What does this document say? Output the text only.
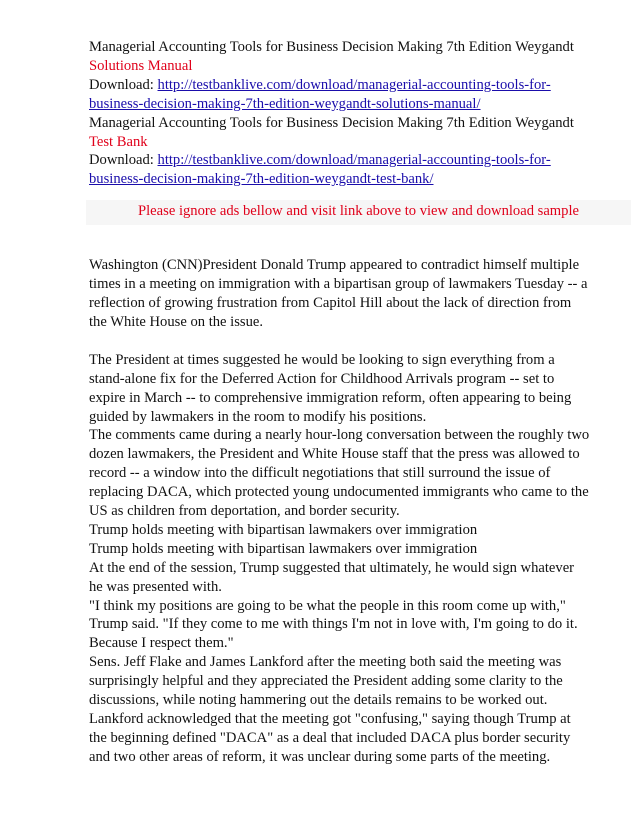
Managerial Accounting Tools for Business Decision Making 7th Edition Weygandt
Solutions Manual
Download: http://testbanklive.com/download/managerial-accounting-tools-for-
business-decision-making-7th-edition-weygandt-solutions-manual/
Managerial Accounting Tools for Business Decision Making 7th Edition Weygandt
Test Bank
Download: http://testbanklive.com/download/managerial-accounting-tools-for-
business-decision-making-7th-edition-weygandt-test-bank/
Please ignore ads bellow and visit link above to view and download sample
Washington (CNN)President Donald Trump appeared to contradict himself multiple
times in a meeting on immigration with a bipartisan group of lawmakers Tuesday -- a
reflection of growing frustration from Capitol Hill about the lack of direction from
the White House on the issue.
The President at times suggested he would be looking to sign everything from a
stand-alone fix for the Deferred Action for Childhood Arrivals program -- set to
expire in March -- to comprehensive immigration reform, often appearing to being
guided by lawmakers in the room to modify his positions.
The comments came during a nearly hour-long conversation between the roughly two
dozen lawmakers, the President and White House staff that the press was allowed to
record -- a window into the difficult negotiations that still surround the issue of
replacing DACA, which protected young undocumented immigrants who came to the
US as children from deportation, and border security.
Trump holds meeting with bipartisan lawmakers over immigration
Trump holds meeting with bipartisan lawmakers over immigration
At the end of the session, Trump suggested that ultimately, he would sign whatever
he was presented with.
"I think my positions are going to be what the people in this room come up with,"
Trump said. "If they come to me with things I'm not in love with, I'm going to do it.
Because I respect them."
Sens. Jeff Flake and James Lankford after the meeting both said the meeting was
surprisingly helpful and they appreciated the President adding some clarity to the
discussions, while noting hammering out the details remains to be worked out.
Lankford acknowledged that the meeting got "confusing," saying though Trump at
the beginning defined "DACA" as a deal that included DACA plus border security
and two other areas of reform, it was unclear during some parts of the meeting.
